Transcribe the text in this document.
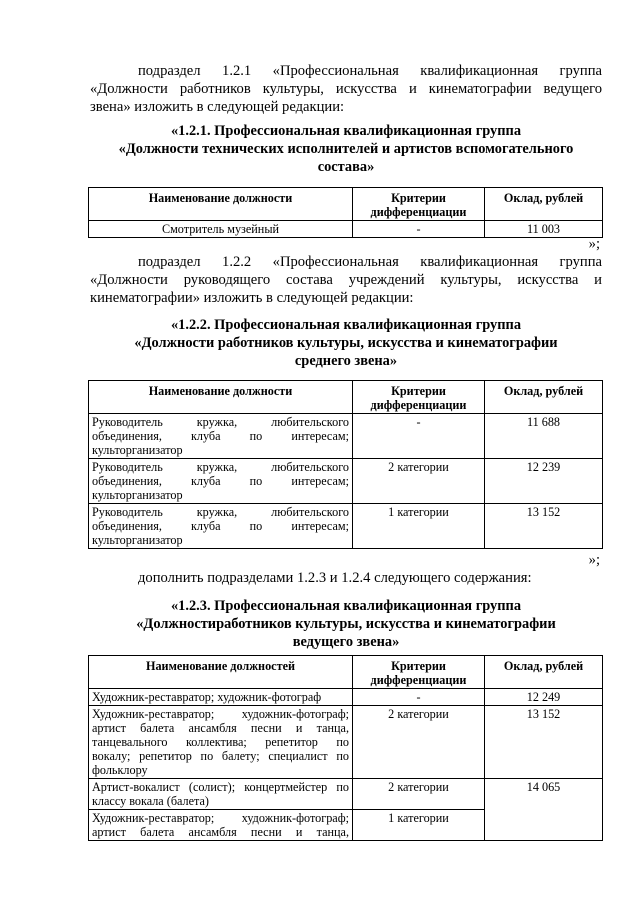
подраздел 1.2.1 «Профессиональная квалификационная группа
«Должности работников культуры, искусства и кинематографии ведущего
звена» изложить в следующей редакции:
«1.2.1. Профессиональная квалификационная группа
«Должности технических исполнителей и артистов вспомогательного
состава»
Наименование должности	Критерии дифференциации	Оклад, рублей
Смотритель музейный	-	11 003
»;
подраздел 1.2.2 «Профессиональная квалификационная группа
«Должности руководящего состава учреждений культуры, искусства и
кинематографии» изложить в следующей редакции:
«1.2.2. Профессиональная квалификационная группа
«Должности работников культуры, искусства и кинематографии
среднего звена»
Наименование должности	Критерии дифференциации	Оклад, рублей

Руководитель кружка, любительского
объединения, клуба по интересам;
культорганизатор	-	11 688

Руководитель кружка, любительского
объединения, клуба по интересам;
культорганизатор	2 категории	12 239

Руководитель кружка, любительского
объединения, клуба по интересам;
культорганизатор	1 категории	13 152
»;
дополнить подразделами 1.2.3 и 1.2.4 следующего содержания:
«1.2.3. Профессиональная квалификационная группа
«Должностиработников культуры, искусства и кинематографии
ведущего звена»
Наименование должностей	Критерии дифференциации	Оклад, рублей
Художник-реставратор; художник-фотограф	-	12 249

Художник-реставратор; художник-фотограф;
артист балета ансамбля песни и танца,
танцевального коллектива; репетитор по
вокалу; репетитор по балету; специалист по
фольклору	2 категории	13 152

Артист-вокалист (солист); концертмейстер по
классу вокала (балета)	2 категории	14 065

Художник-реставратор; художник-фотограф;
артист балета ансамбля песни и танца,	1 категории	
